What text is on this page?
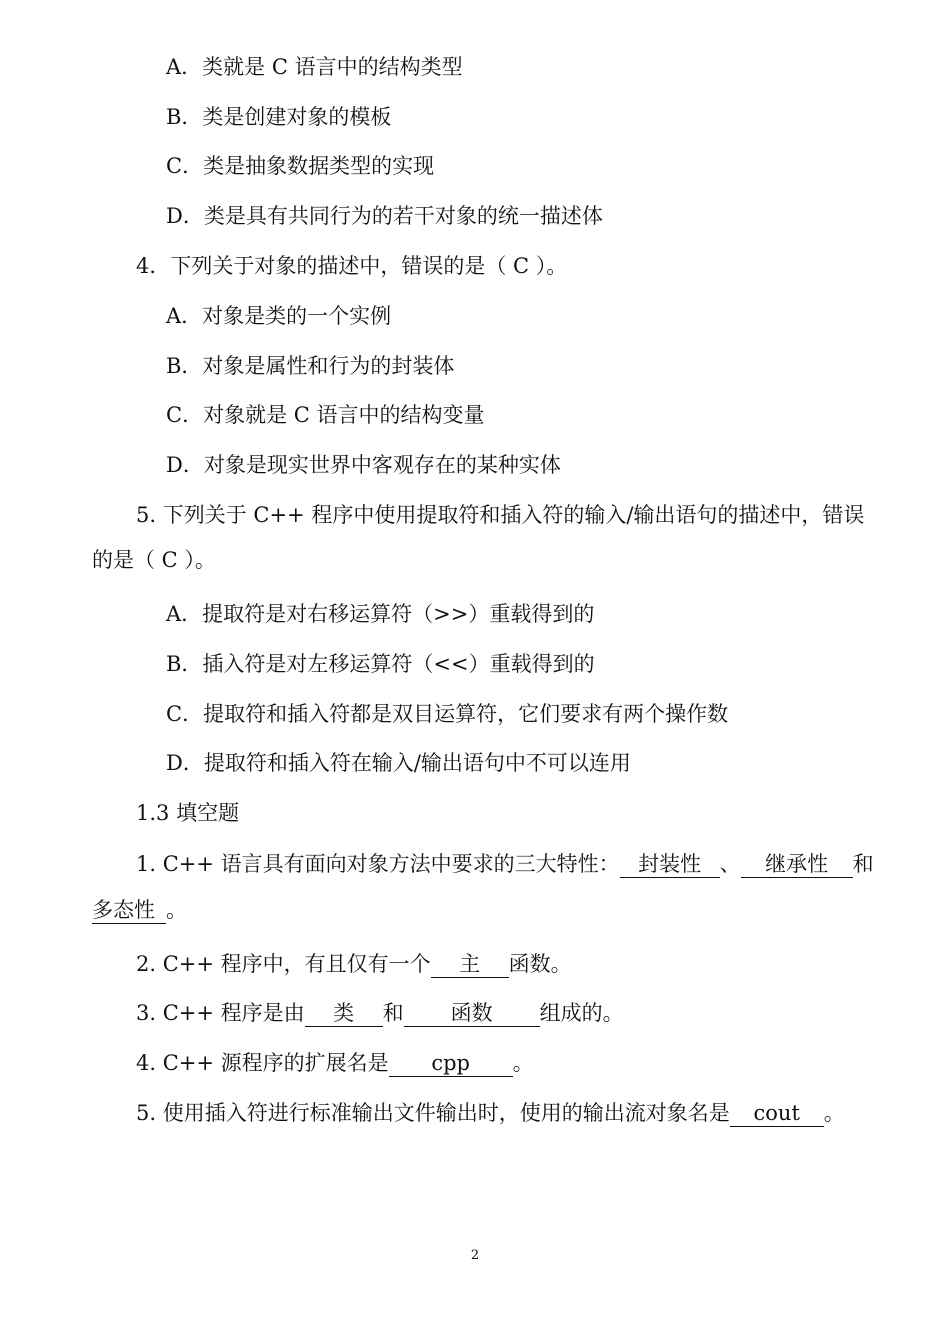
A．类就是 C 语言中的结构类型
B．类是创建对象的模板
C．类是抽象数据类型的实现
D．类是具有共同行为的若干对象的统一描述体
4．下列关于对象的描述中，错误的是（ C ）。
A．对象是类的一个实例
B．对象是属性和行为的封装体
C．对象就是 C 语言中的结构变量
D．对象是现实世界中客观存在的某种实体
5. 下列关于 C++ 程序中使用提取符和插入符的输入/输出语句的描述中，错误
的是（ C ）。
A．提取符是对右移运算符（>>）重载得到的
B．插入符是对左移运算符（<<）重载得到的
C．提取符和插入符都是双目运算符，它们要求有两个操作数
D．提取符和插入符在输入/输出语句中不可以连用
1.3 填空题
1. C++ 语言具有面向对象方法中要求的三大特性： 封装性 、 继承性 和
多态性 。
2. C++ 程序中，有且仅有一个 主 函数。
3. C++ 程序是由 类 和 函数 组成的。
4. C++ 源程序的扩展名是 cpp 。
5. 使用插入符进行标准输出文件输出时，使用的输出流对象名是 cout 。
2
